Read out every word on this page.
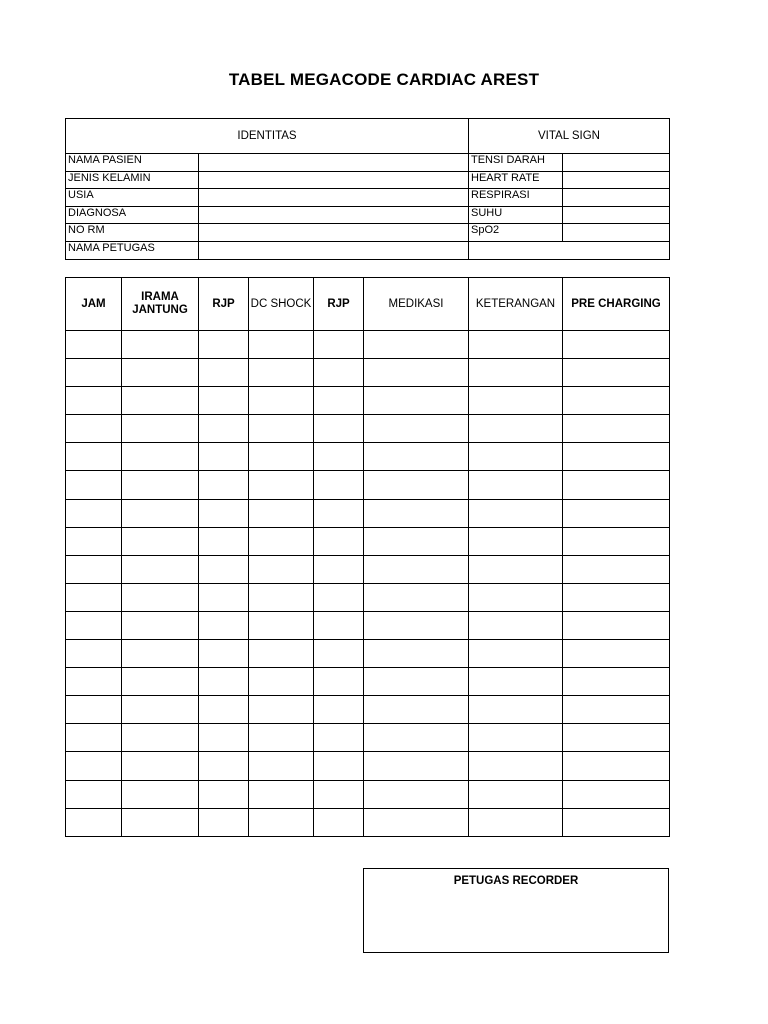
TABEL MEGACODE CARDIAC AREST
IDENTITAS		VITAL SIGN	
NAMA PASIEN		TENSI DARAH	
JENIS KELAMIN		HEART RATE	
USIA		RESPIRASI	
DIAGNOSA		SUHU	
NO RM		SpO2	
NAMA PETUGAS			
JAM	IRAMA JANTUNG	RJP	DC SHOCK	RJP	MEDIKASI	KETERANGAN	PRE CHARGING

PETUGAS RECORDER
